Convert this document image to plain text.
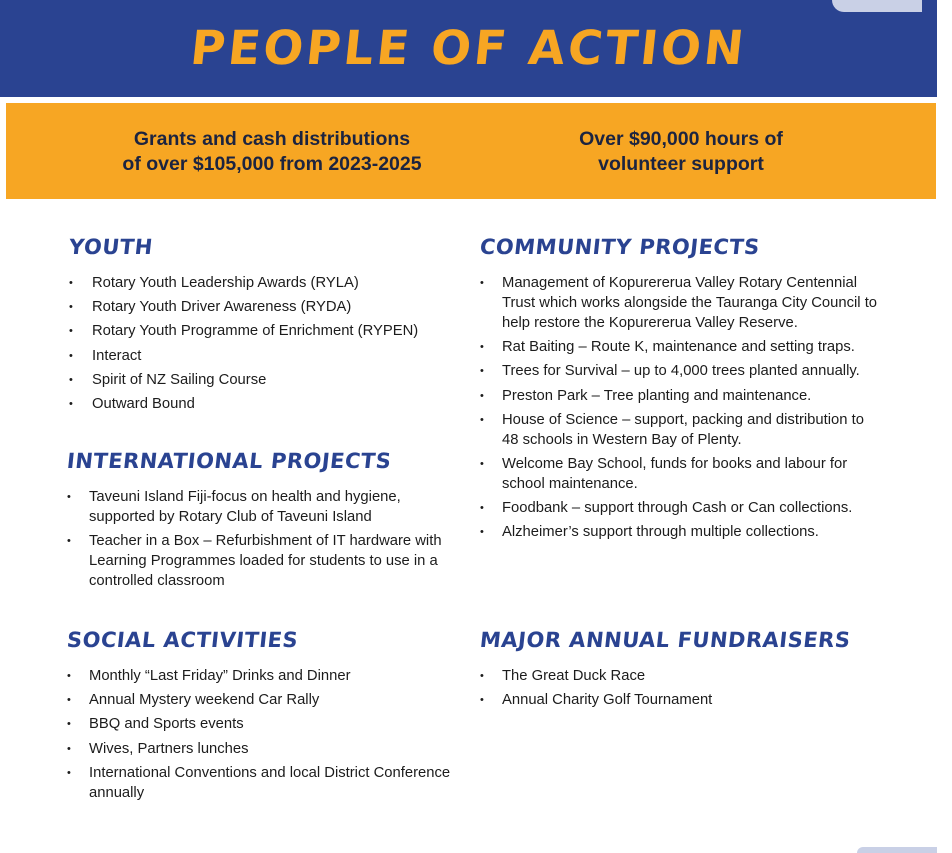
PEOPLE OF ACTION
Grants and cash distributions
of over $105,000 from 2023-2025
Over $90,000 hours of
volunteer support
YOUTH
• Rotary Youth Leadership Awards (RYLA)
• Rotary Youth Driver Awareness (RYDA)
• Rotary Youth Programme of Enrichment (RYPEN)
• Interact
• Spirit of NZ Sailing Course
• Outward Bound
INTERNATIONAL PROJECTS
• Taveuni Island Fiji-focus on health and hygiene, supported by Rotary Club of Taveuni Island
• Teacher in a Box – Refurbishment of IT hardware with Learning Programmes loaded for students to use in a controlled classroom
SOCIAL ACTIVITIES
• Monthly “Last Friday” Drinks and Dinner
• Annual Mystery weekend Car Rally
• BBQ and Sports events
• Wives, Partners lunches
• International Conventions and local District Conference annually
COMMUNITY PROJECTS
• Management of Kopurererua Valley Rotary Centennial Trust which works alongside the Tauranga City Council to help restore the Kopurererua Valley Reserve.
• Rat Baiting – Route K, maintenance and setting traps.
• Trees for Survival – up to 4,000 trees planted annually.
• Preston Park – Tree planting and maintenance.
• House of Science – support, packing and distribution to 48 schools in Western Bay of Plenty.
• Welcome Bay School, funds for books and labour for school maintenance.
• Foodbank – support through Cash or Can collections.
• Alzheimer’s support through multiple collections.
MAJOR ANNUAL FUNDRAISERS
• The Great Duck Race
• Annual Charity Golf Tournament
